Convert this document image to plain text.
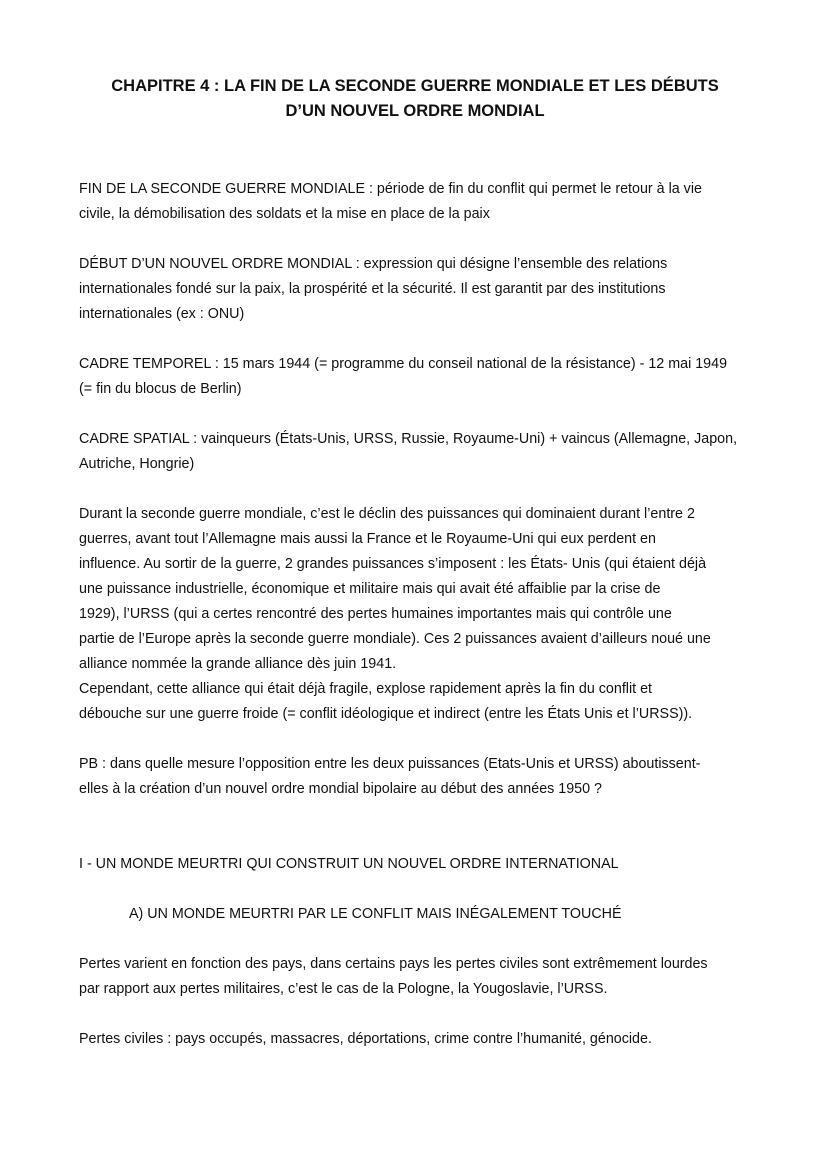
CHAPITRE 4 : LA FIN DE LA SECONDE GUERRE MONDIALE ET LES DÉBUTS
D’UN NOUVEL ORDRE MONDIAL

FIN DE LA SECONDE GUERRE MONDIALE : période de fin du conflit qui permet le retour à la vie
civile, la démobilisation des soldats et la mise en place de la paix

DÉBUT D’UN NOUVEL ORDRE MONDIAL : expression qui désigne l’ensemble des relations
internationales fondé sur la paix, la prospérité et la sécurité. Il est garantit par des institutions
internationales (ex : ONU)

CADRE TEMPOREL : 15 mars 1944 (= programme du conseil national de la résistance) - 12 mai 1949
(= fin du blocus de Berlin)

CADRE SPATIAL : vainqueurs (États-Unis, URSS, Russie, Royaume-Uni) + vaincus (Allemagne, Japon,
Autriche, Hongrie)

Durant la seconde guerre mondiale, c’est le déclin des puissances qui dominaient durant l’entre 2
guerres, avant tout l’Allemagne mais aussi la France et le Royaume-Uni qui eux perdent en
influence. Au sortir de la guerre, 2 grandes puissances s’imposent : les États- Unis (qui étaient déjà
une puissance industrielle, économique et militaire mais qui avait été affaiblie par la crise de
1929), l’URSS (qui a certes rencontré des pertes humaines importantes mais qui contrôle une
partie de l’Europe après la seconde guerre mondiale). Ces 2 puissances avaient d’ailleurs noué une
alliance nommée la grande alliance dès juin 1941.
Cependant, cette alliance qui était déjà fragile, explose rapidement après la fin du conflit et
débouche sur une guerre froide (= conflit idéologique et indirect (entre les États Unis et l’URSS)).

PB : dans quelle mesure l’opposition entre les deux puissances (Etats-Unis et URSS) aboutissent-
elles à la création d’un nouvel ordre mondial bipolaire au début des années 1950 ?

I - UN MONDE MEURTRI QUI CONSTRUIT UN NOUVEL ORDRE INTERNATIONAL

A) UN MONDE MEURTRI PAR LE CONFLIT MAIS INÉGALEMENT TOUCHÉ

Pertes varient en fonction des pays, dans certains pays les pertes civiles sont extrêmement lourdes
par rapport aux pertes militaires, c’est le cas de la Pologne, la Yougoslavie, l’URSS.

Pertes civiles : pays occupés, massacres, déportations, crime contre l’humanité, génocide.
